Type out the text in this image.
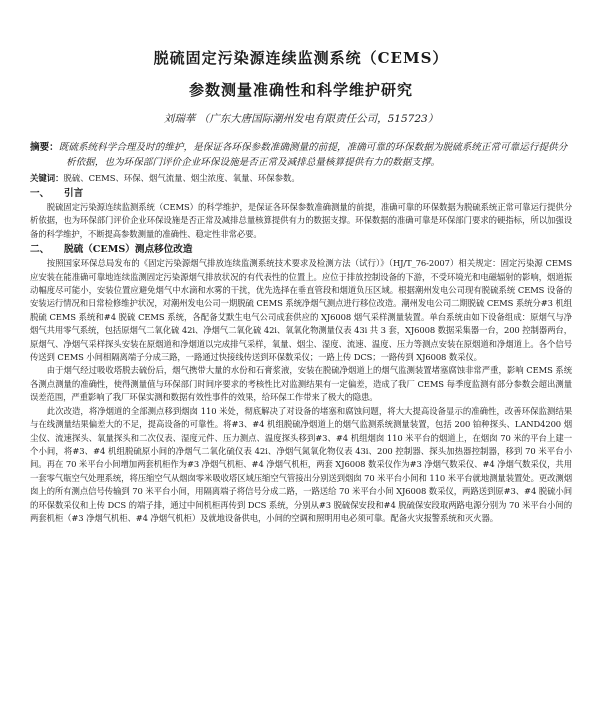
脱硫固定污染源连续监测系统（CEMS）
参数测量准确性和科学维护研究
刘瑞華 （广东大唐国际潮州发电有限责任公司，515723）
摘要：既硫系统科学合理及时的维护，是保证各环保参数准确测量的前提，准确可靠的环保数据为脱硫系统正常可靠运行提供分析依据，也为环保部门评价企业环保设施是否正常及减排总量核算提供有力的数据支撑。
关键词：脱硫、CEMS、环保、烟气流量、烟尘浓度、氧量、环保参数。
一、 引言

脱硫固定污染源连续监测系统（CEMS）的科学维护，是保证各环保参数准确测量的前提，准确可靠的环保数据为脱硫系统正常可靠运行提供分析依据，也为环保部门评价企业环保设施是否正常及减排总量核算提供有力的数据支撑。环保数据的准确可靠是环保部门要求的硬指标，所以加强设备的科学维护，不断提高参数测量的准确性、稳定性非常必要。

二、 脱硫（CEMS）测点移位改造

按照国家环保总局发布的《固定污染源烟气排放连续监测系统技术要求及检测方法（试行）》（HJ/T_76-2007）相关规定：固定污染源 CEMS 应安装在能准确可靠地连续监测固定污染源烟气排放状况的有代表性的位置上。应位于排放控制设备的下游，不受环境光和电磁辐射的影响，烟道振动幅度尽可能小，安装位置应避免烟气中水滴和水雾的干扰，优先选择在垂直管段和烟道负压区域。根据潮州发电公司现有脱硫系统 CEMS 设备的安装运行情况和日常检修维护状况，对潮州发电公司一期脱硫 CEMS 系统净烟气测点进行移位改造。潮州发电公司二期脱硫 CEMS 系统分#3 机组脱硫 CEMS 系统和#4 脱硫 CEMS 系统，各配备艾默生电气公司成套供应的 XJ6008 烟气采样测量装置。单台系统由如下设备组成：原烟气与净烟气共用零气系统，包括原烟气二氧化硫 42i、净烟气二氧化硫 42i、氧氧化物测量仪表 43i 共 3 套，XJ6008 数据采集器一台，200 控制器两台，原烟气、净烟气采样探头安装在原烟道和净烟道以完成排气采样，氧量、烟尘、湿度、流速、温度、压力等测点安装在原烟道和净烟道上。各个信号传送到 CEMS 小间相隔离端子分成三路，一路通过快接线传送到环保数采仪；一路上传 DCS；一路传到 XJ6008 数采仪。

由于烟气经过吸收塔脱去硫份后，烟气携带大量的水份和石膏浆液，安装在脱硫净烟道上的烟气监测装置堵塞腐蚀非常严重，影响 CEMS 系统各测点测量的准确性，使得测量值与环保部门时间序要求的考核性比对监测结果有一定偏差，造成了我厂 CEMS 每季度监测有部分参数会超出测量误差范围，严重影响了我厂环保实测和数据有效性事件的效果，给环保工作带来了极大的隐患。

此次改造，将净烟道的全部测点移到烟囱 110 米处，彻底解决了对设备的堵塞和腐蚀问题，将大大提高设备显示的准确性，改善环保监测结果与在线测量结果偏差大的不足，提高设备的可靠性。将#3、#4 机组脱硫净烟道上的烟气监测系统测量装置，包括 200 铂种探头、LAND4200 烟尘仪、流速探头、氧量探头和二次仪表、湿度元件、压力测点、温度探头移到#3、#4 机组烟囱 110 米平台的烟道上，在烟囱 70 米的平台上建一个小间，将#3、#4 机组脱硫原小间的净烟气二氧化硫仪表 42i、净烟气氮氧化物仪表 43i、200 控制器、探头加热器控制器，移到 70 米平台小间。再在 70 米平台小间增加两套机柜作为#3 净烟气机柜、#4 净烟气机柜，两套 XJ6008 数采仪作为#3 净烟气数采仪、#4 净烟气数采仪，共用一套零气瓶空气处理系统，将压缩空气从烟囱零米吸收塔区域压缩空气管接出分别送到烟囱 70 米平台小间和 110 米平台就地测量装置处。更改测烟囱上的所有测点信号传输到 70 米平台小间，用隔离端子将信号分成二路，一路送给 70 米平台小间 XJ6008 数采仪，两路送到原#3、#4 脱硫小间的环保数采仪和上传 DCS 的端子排，通过中间机柜再传到 DCS 系统，分别从#3 脱硫保安段和#4 脱硫保安段取两路电源分别为 70 米平台小间的两套机柜（#3 净烟气机柜、#4 净烟气机柜）及就地设备供电，小间的空调和照明用电必须可靠。配备火灾报警系统和灭火器。
